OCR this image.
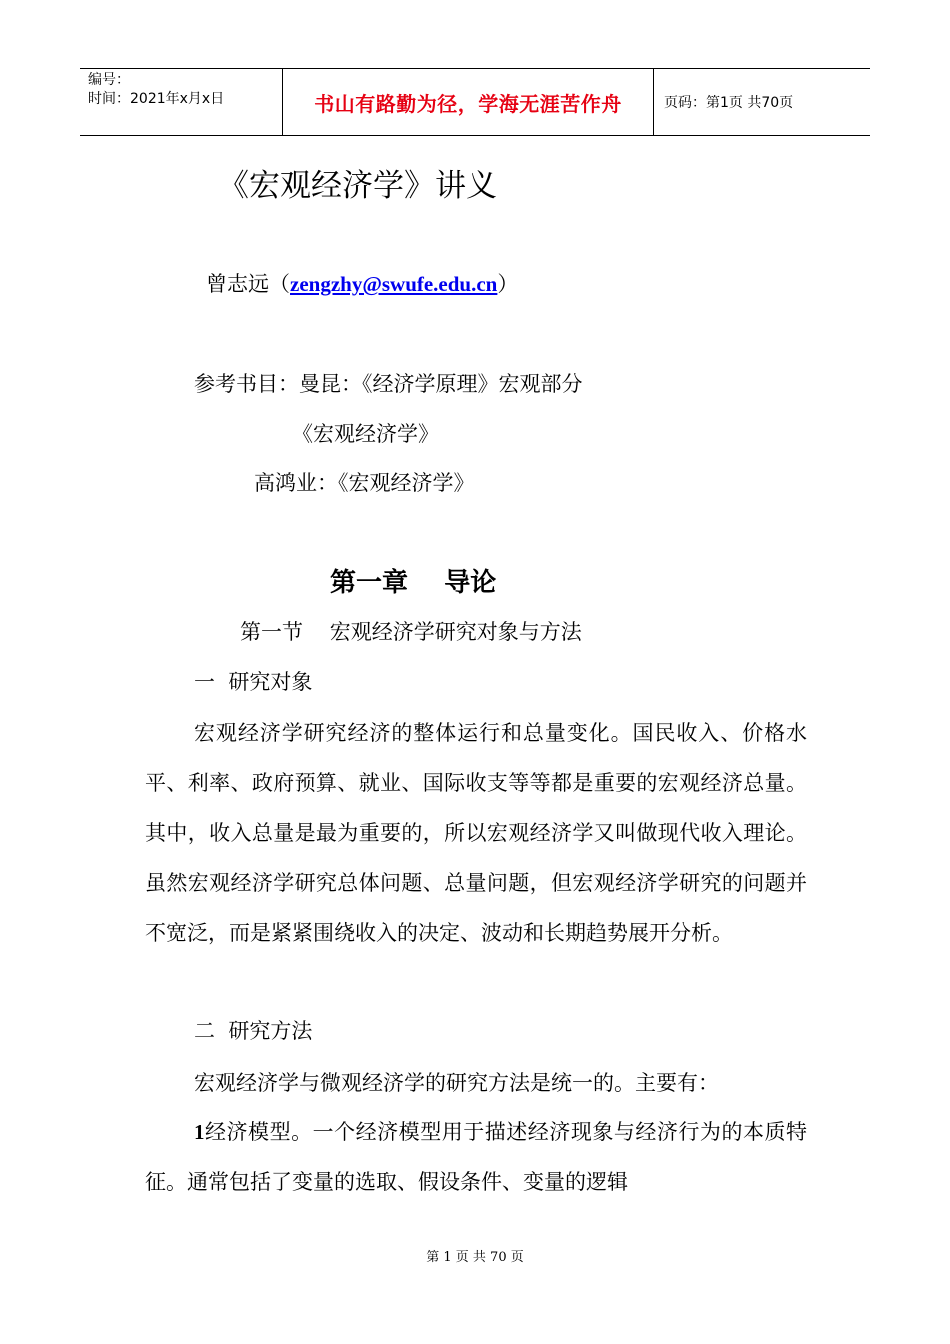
编号：
时间：2021年x月x日	书山有路勤为径，学海无涯苦作舟	页码：第1页 共70页
《宏观经济学》讲义
曾志远（zengzhy@swufe.edu.cn）
参考书目：曼昆：《经济学原理》宏观部分
《宏观经济学》
高鸿业：《宏观经济学》
第一章    导论
第一节    宏观经济学研究对象与方法
一  研究对象

宏观经济学研究经济的整体运行和总量变化。国民收入、价格水平、利率、政府预算、就业、国际收支等等都是重要的宏观经济总量。其中，收入总量是最为重要的，所以宏观经济学又叫做现代收入理论。虽然宏观经济学研究总体问题、总量问题，但宏观经济学研究的问题并不宽泛，而是紧紧围绕收入的决定、波动和长期趋势展开分析。

二  研究方法

宏观经济学与微观经济学的研究方法是统一的。主要有：

1经济模型。一个经济模型用于描述经济现象与经济行为的本质特征。通常包括了变量的选取、假设条件、变量的逻辑

第 1 页 共 70 页
